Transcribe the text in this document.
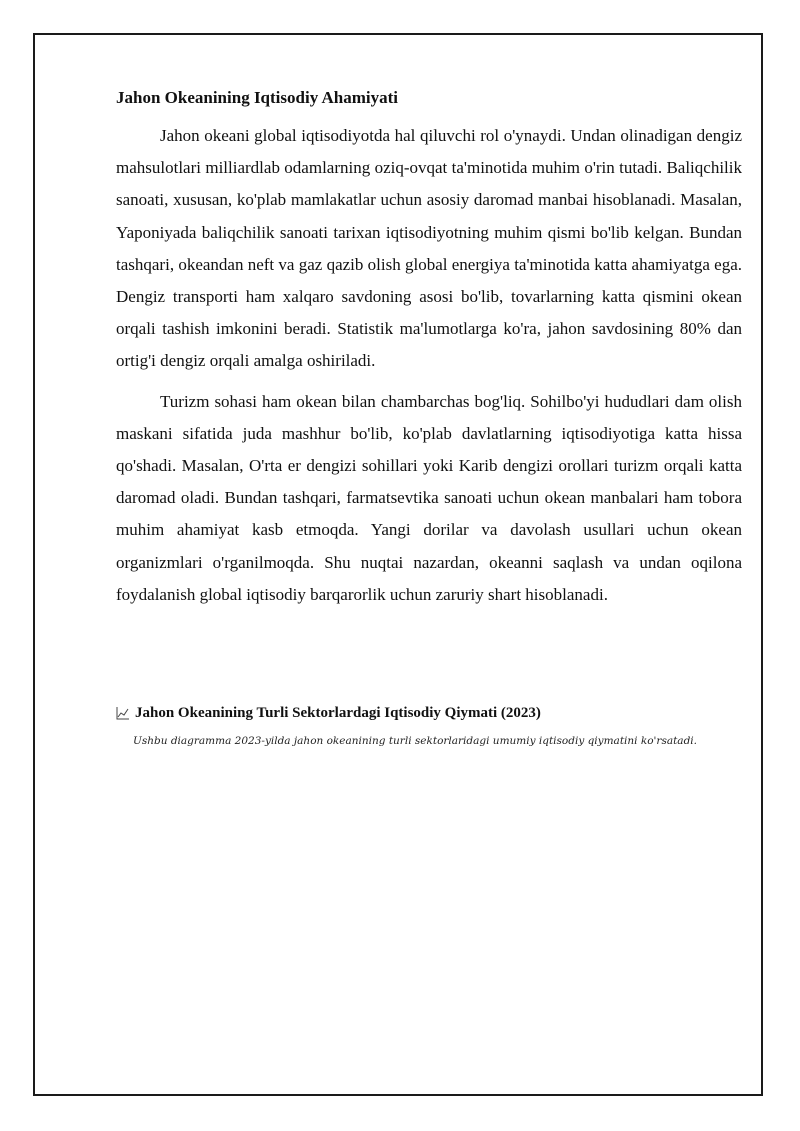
Jahon Okeanining Iqtisodiy Ahamiyati

Jahon okeani global iqtisodiyotda hal qiluvchi rol o'ynaydi. Undan olinadigan dengiz mahsulotlari milliardlab odamlarning oziq-ovqat ta'minotida muhim o'rin tutadi. Baliqchilik sanoati, xususan, ko'plab mamlakatlar uchun asosiy daromad manbai hisoblanadi. Masalan, Yaponiyada baliqchilik sanoati tarixan iqtisodiyotning muhim qismi bo'lib kelgan. Bundan tashqari, okeandan neft va gaz qazib olish global energiya ta'minotida katta ahamiyatga ega. Dengiz transporti ham xalqaro savdoning asosi bo'lib, tovarlarning katta qismini okean orqali tashish imkonini beradi. Statistik ma'lumotlarga ko'ra, jahon savdosining 80% dan ortig'i dengiz orqali amalga oshiriladi.

Turizm sohasi ham okean bilan chambarchas bog'liq. Sohilbo'yi hududlari dam olish maskani sifatida juda mashhur bo'lib, ko'plab davlatlarning iqtisodiyotiga katta hissa qo'shadi. Masalan, O'rta er dengizi sohillari yoki Karib dengizi orollari turizm orqali katta daromad oladi. Bundan tashqari, farmatsevtika sanoati uchun okean manbalari ham tobora muhim ahamiyat kasb etmoqda. Yangi dorilar va davolash usullari uchun okean organizmlari o'rganilmoqda. Shu nuqtai nazardan, okeanni saqlash va undan oqilona foydalanish global iqtisodiy barqarorlik uchun zaruriy shart hisoblanadi.

Jahon Okeanining Turli Sektorlardagi Iqtisodiy Qiymati (2023)
Ushbu diagramma 2023-yilda jahon okeanining turli sektorlaridagi umumiy iqtisodiy qiymatini ko'rsatadi.
